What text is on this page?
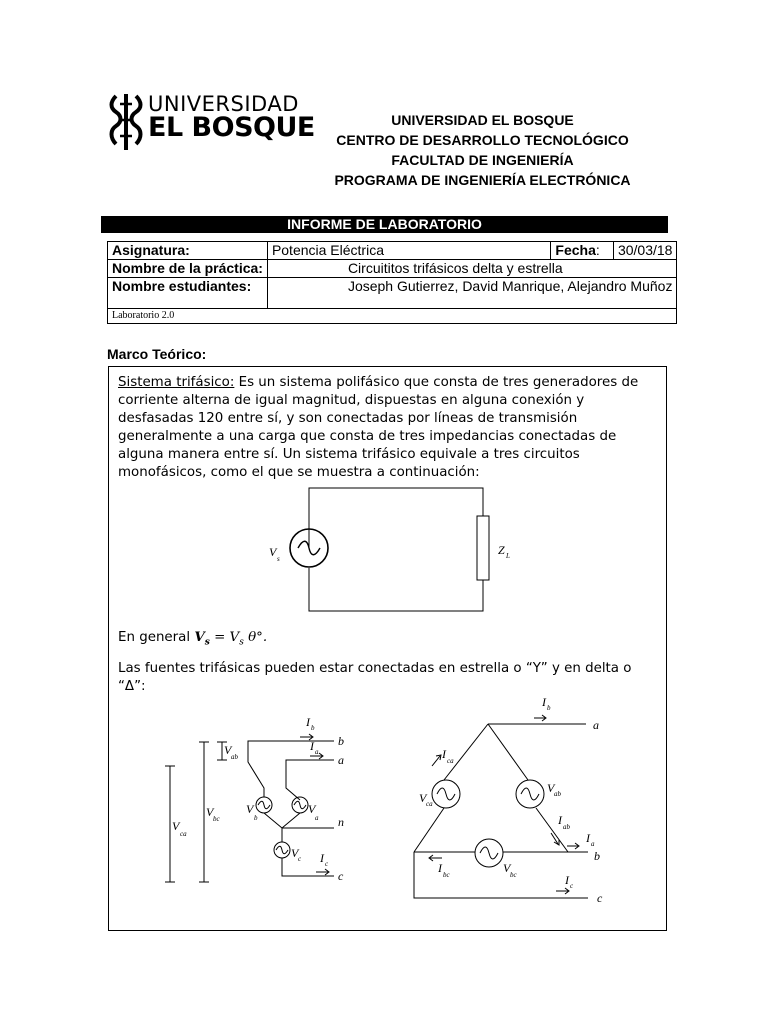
UNIVERSIDAD
EL BOSQUE	UNIVERSIDAD EL BOSQUE
CENTRO DE DESARROLLO TECNOLÓGICO
FACULTAD DE INGENIERÍA
PROGRAMA DE INGENIERÍA ELECTRÓNICA
INFORME DE LABORATORIO
Asignatura:	Potencia Eléctrica	Fecha:	30/03/18
Nombre de la práctica:	Circuititos trifásicos delta y estrella		
Nombre estudiantes:	Joseph Gutierrez, David Manrique, Alejandro Muñoz		
Laboratorio 2.0			
Marco Teórico:
Sistema trifásico: Es un sistema polifásico que consta de tres generadores de corriente alterna de igual magnitud, dispuestas en alguna conexión y desfasadas 120 entre sí, y son conectadas por líneas de transmisión generalmente a una carga que consta de tres impedancias conectadas de alguna manera entre sí. Un sistema trifásico equivale a tres circuitos monofásicos, como el que se muestra a continuación:
V s
Z L
En general $V_s = V_s$ θ°.
Las fuentes trifásicas pueden estar conectadas en estrella o “Y” y en delta o “Δ”:
I b
b
I a
a
V ab
V bc
V
ca
V
b
V
a n
V c I c
c
I b
a
I ca
V ca
V ab
I ab
I a
b
I bc	V bc	I c
c
